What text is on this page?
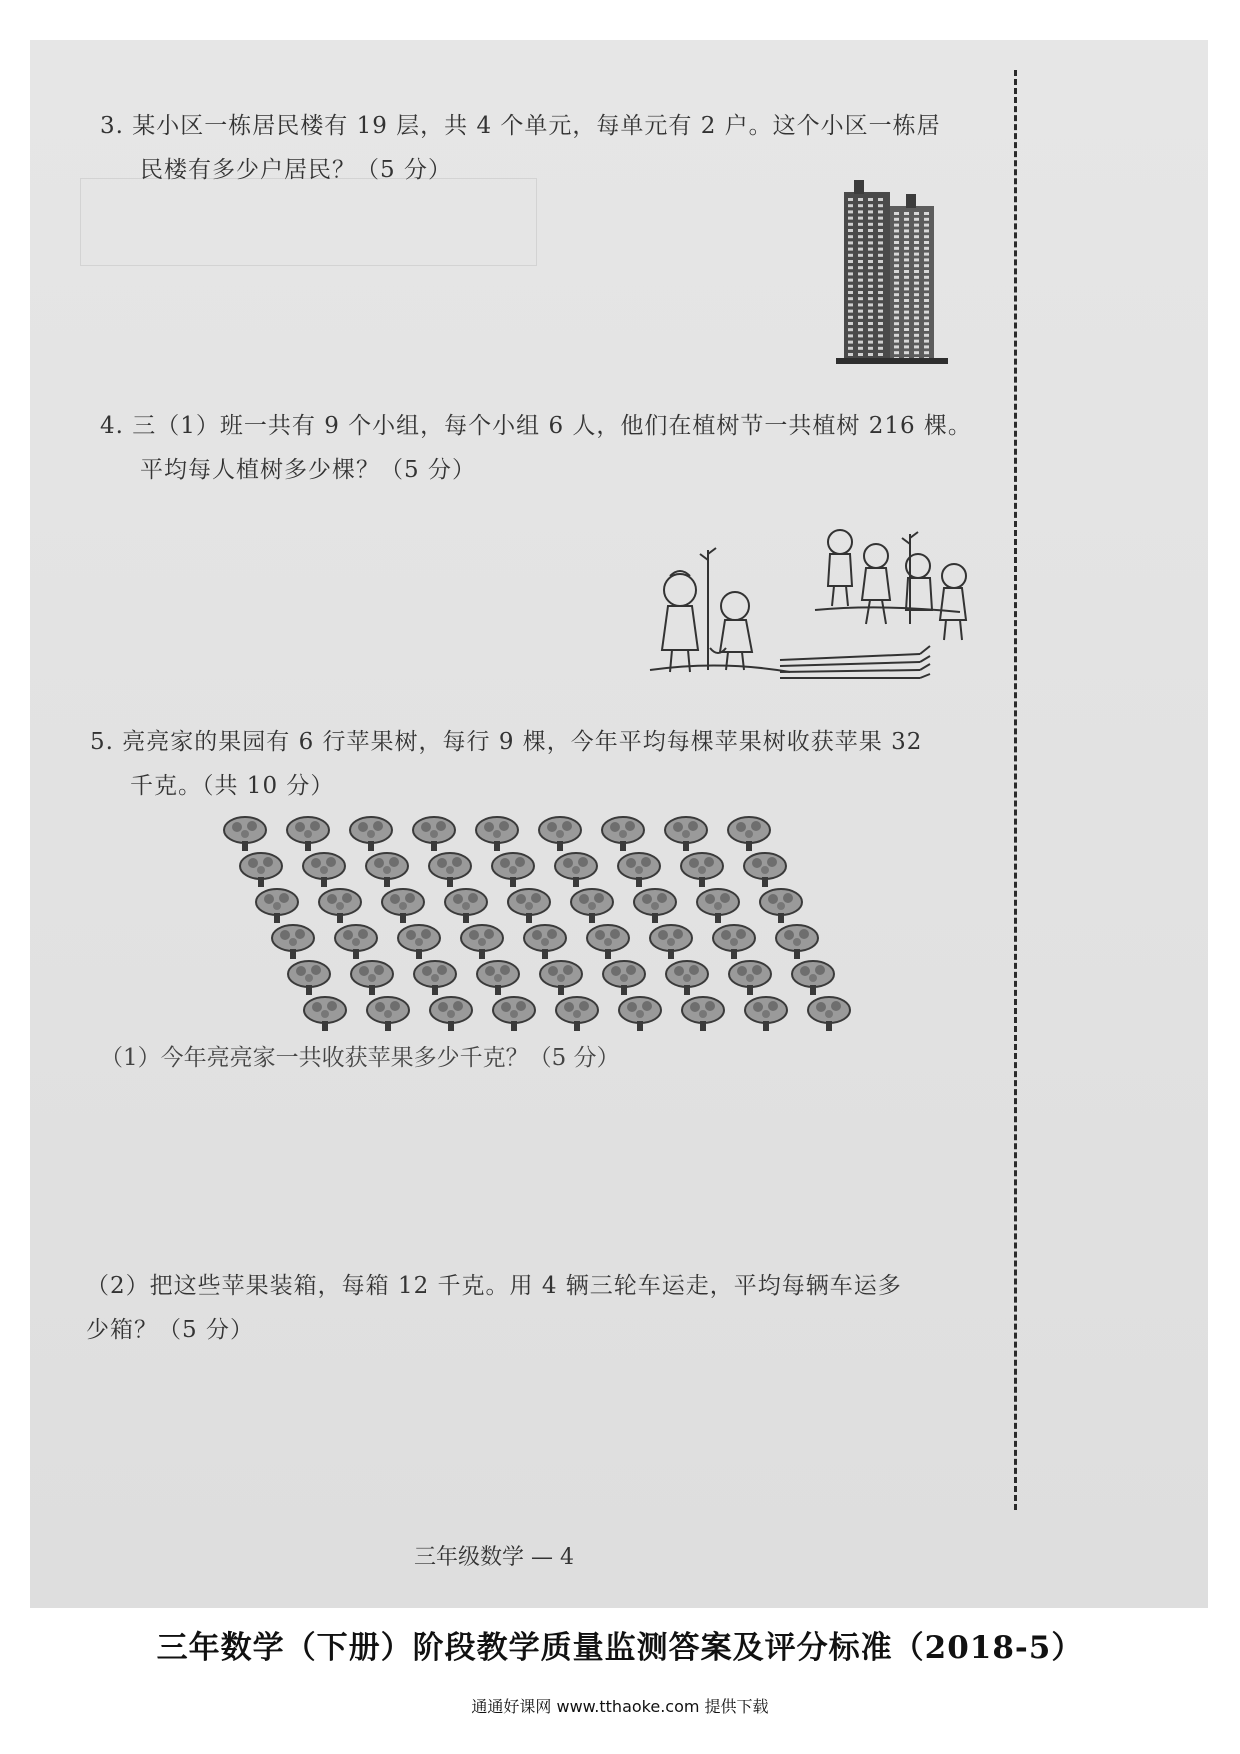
3. 某小区一栋居民楼有 19 层，共 4 个单元，每单元有 2 户。这个小区一栋居
民楼有多少户居民？（5 分）
4. 三（1）班一共有 9 个小组，每个小组 6 人，他们在植树节一共植树 216 棵。
平均每人植树多少棵？（5 分）
5. 亮亮家的果园有 6 行苹果树，每行 9 棵，今年平均每棵苹果树收获苹果 32
千克。（共 10 分）
（1）今年亮亮家一共收获苹果多少千克？（5 分）
（2）把这些苹果装箱，每箱 12 千克。用 4 辆三轮车运走，平均每辆车运多
少箱？（5 分）
三年级数学 — 4
三年数学（下册）阶段教学质量监测答案及评分标准（2018-5）
通通好课网 www.tthaoke.com 提供下载
